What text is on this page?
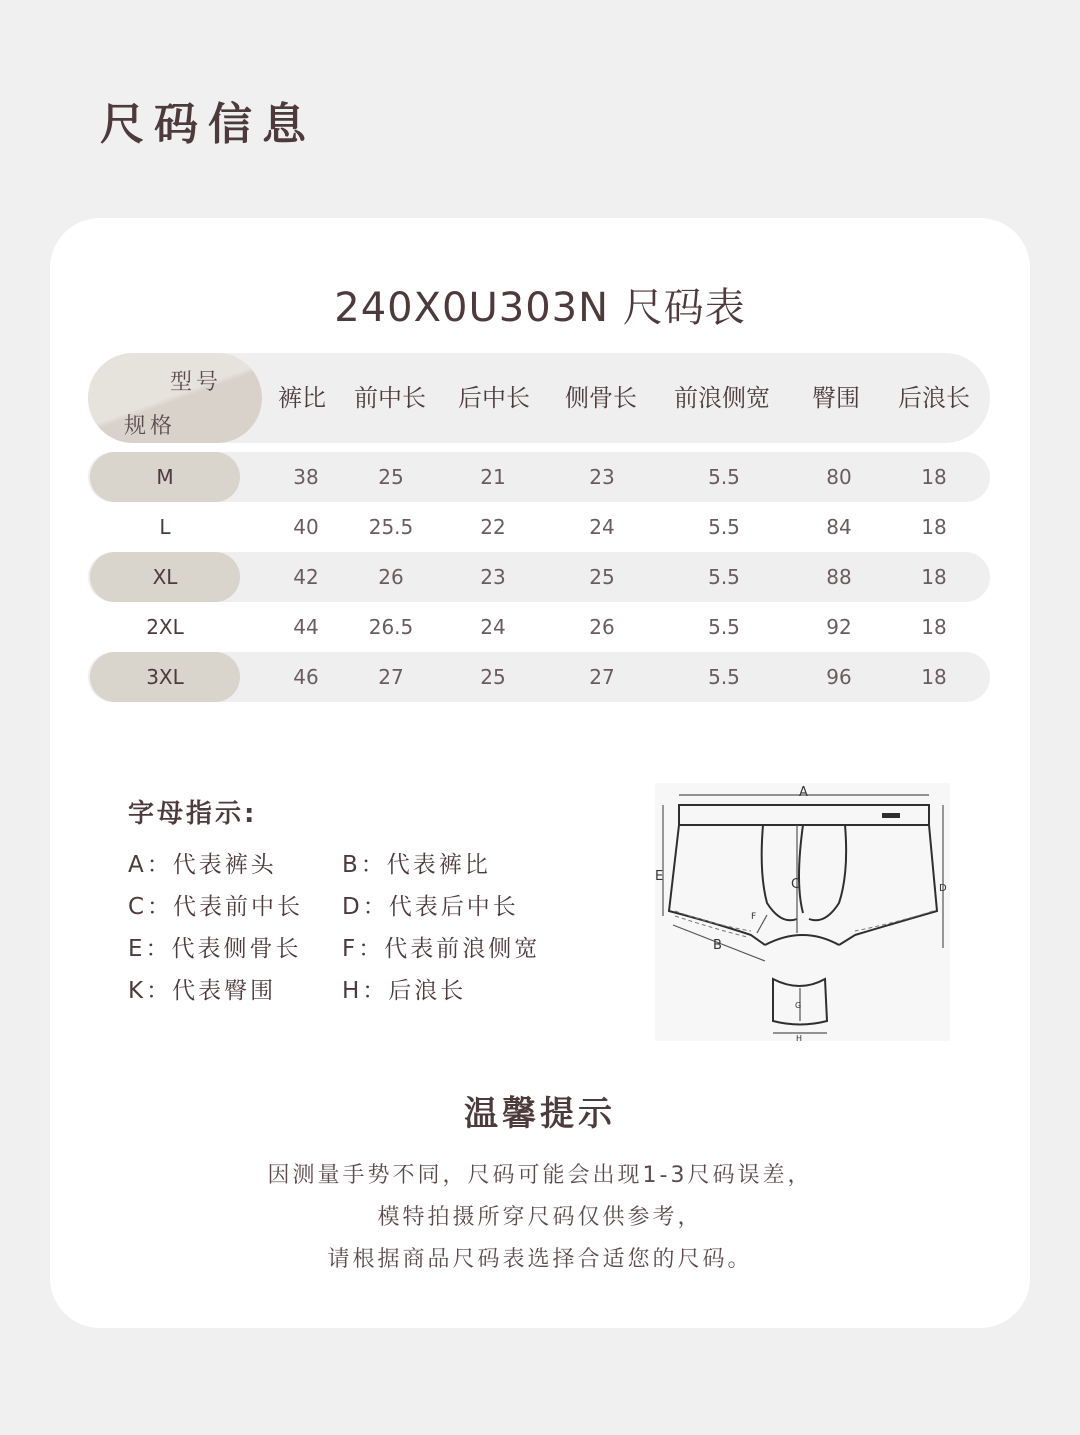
尺码信息
240X0U303N 尺码表
型号
规格
裤比 前中长 后中长 侧骨长 前浪侧宽 臀围 后浪长
M	38	25	21	23	5.5	80	18
L	40	25.5	22	24	5.5	84	18
XL	42	26	23	25	5.5	88	18
2XL	44	26.5	24	26	5.5	92	18
3XL	46	27	25	27	5.5	96	18
字母指示:
A：代表裤头	B：代表裤比
C：代表前中长 D：代表后中长
E：代表侧骨长 F：代表前浪侧宽
K：代表臀围	H：后浪长
A
B
C	D
E
F
G
H
温馨提示
因测量手势不同，尺码可能会出现1-3尺码误差，
模特拍摄所穿尺码仅供参考，
请根据商品尺码表选择合适您的尺码。
